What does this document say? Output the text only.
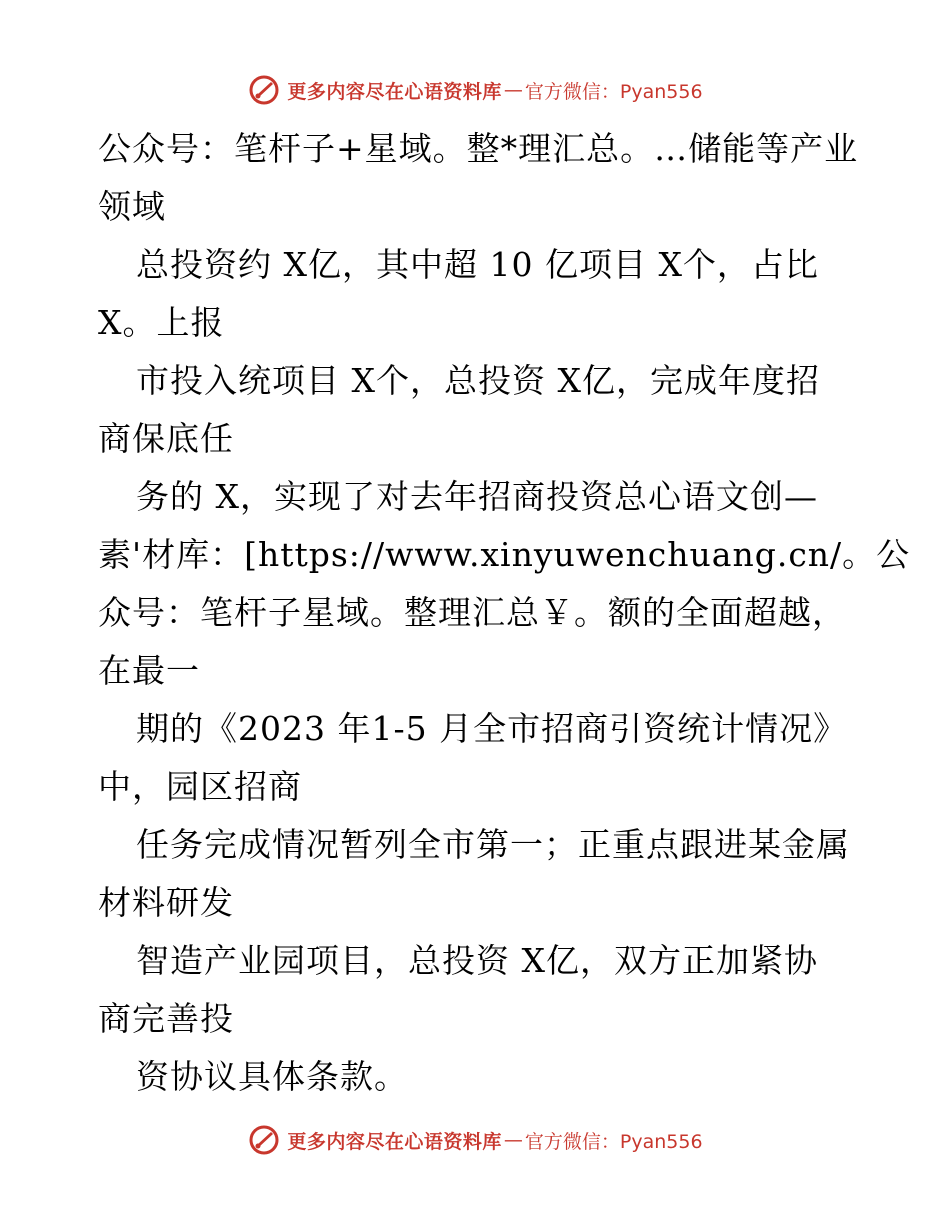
更多内容尽在心语资料库 — 官方微信：Pyan556
公众号：笔杆子+星域。整*理汇总。…储能等产业
领域
总投资约 X亿，其中超 10 亿项目 X个，占比
X。上报
市投入统项目 X个，总投资 X亿，完成年度招
商保底任
务的 X，实现了对去年招商投资总心语文创—
素'材库：[https://www.xinyuwenchuang.cn/。公
众号：笔杆子星域。整理汇总￥。额的全面超越，
在最一
期的《2023 年1-5 月全市招商引资统计情况》
中，园区招商
任务完成情况暂列全市第一；正重点跟进某金属
材料研发
智造产业园项目，总投资 X亿，双方正加紧协
商完善投
资协议具体条款。
更多内容尽在心语资料库 — 官方微信：Pyan556
